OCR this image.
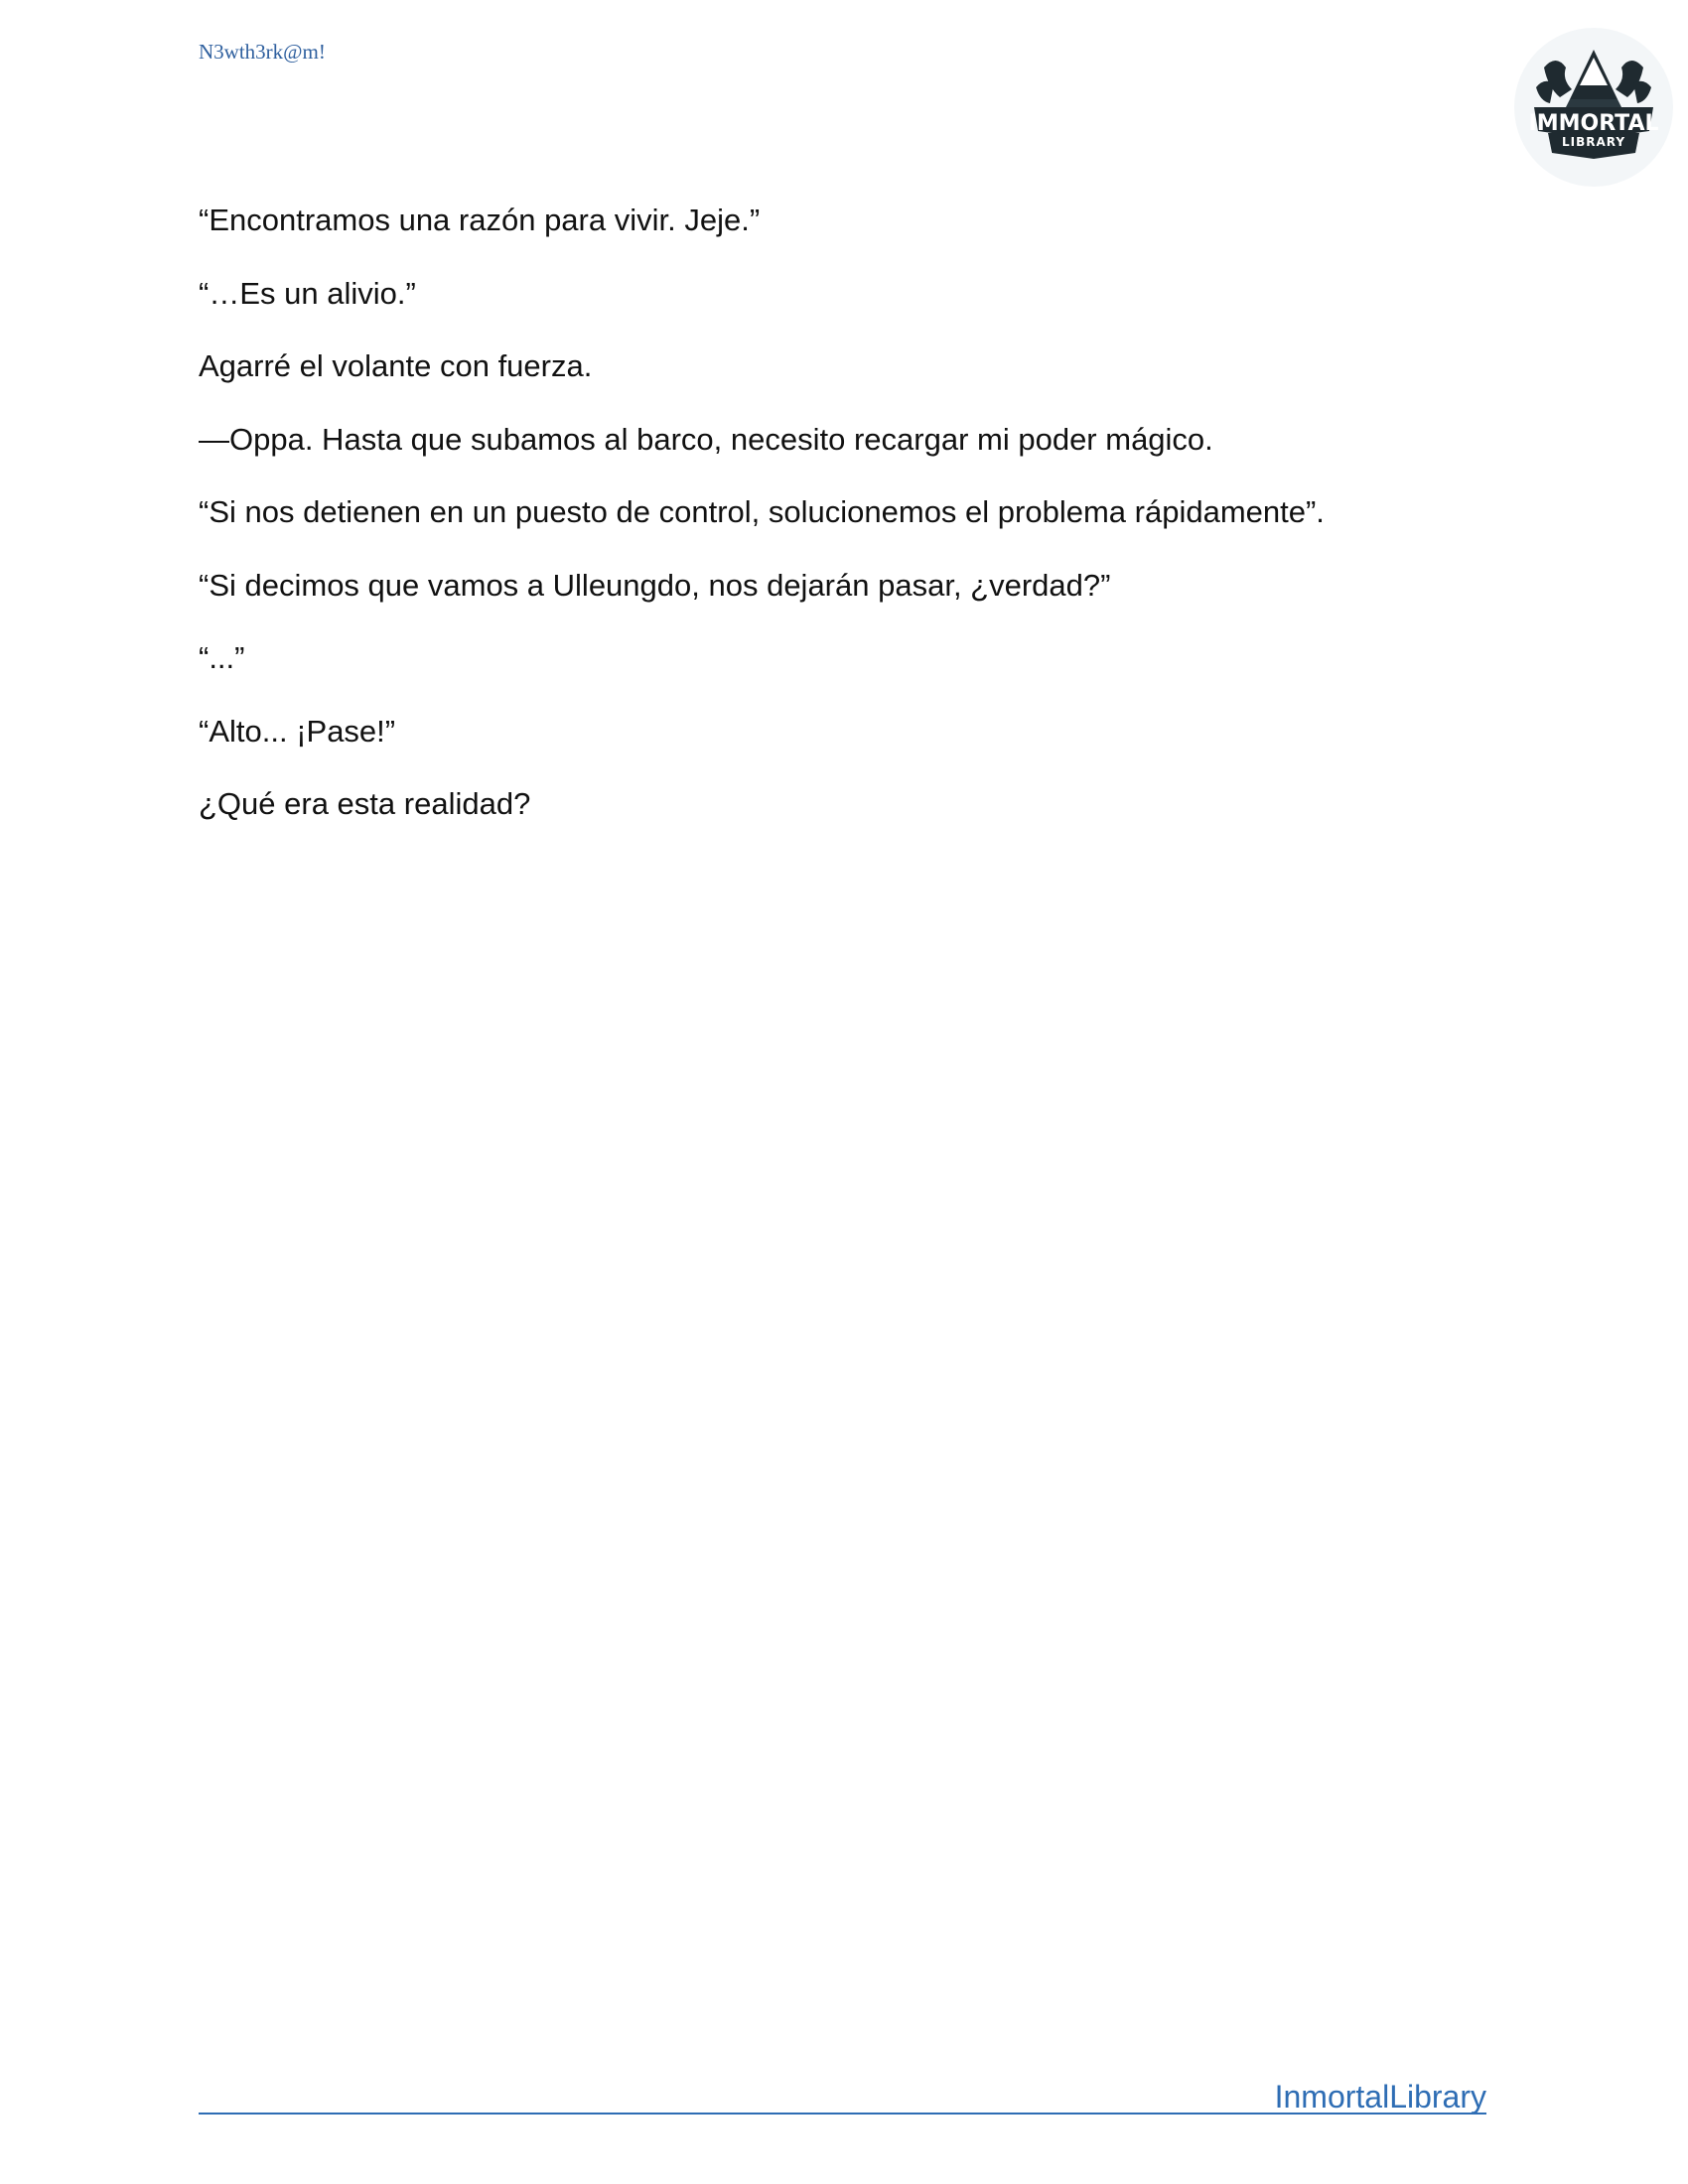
N3wth3rk@m!
IMMORTAL
LIBRARY

“Encontramos una razón para vivir. Jeje.”

“…Es un alivio.”

Agarré el volante con fuerza.

—Oppa. Hasta que subamos al barco, necesito recargar mi poder mágico.

“Si nos detienen en un puesto de control, solucionemos el problema rápidamente”.

“Si decimos que vamos a Ulleungdo, nos dejarán pasar, ¿verdad?”

“...”

“Alto... ¡Pase!”

¿Qué era esta realidad?

InmortalLibrary
